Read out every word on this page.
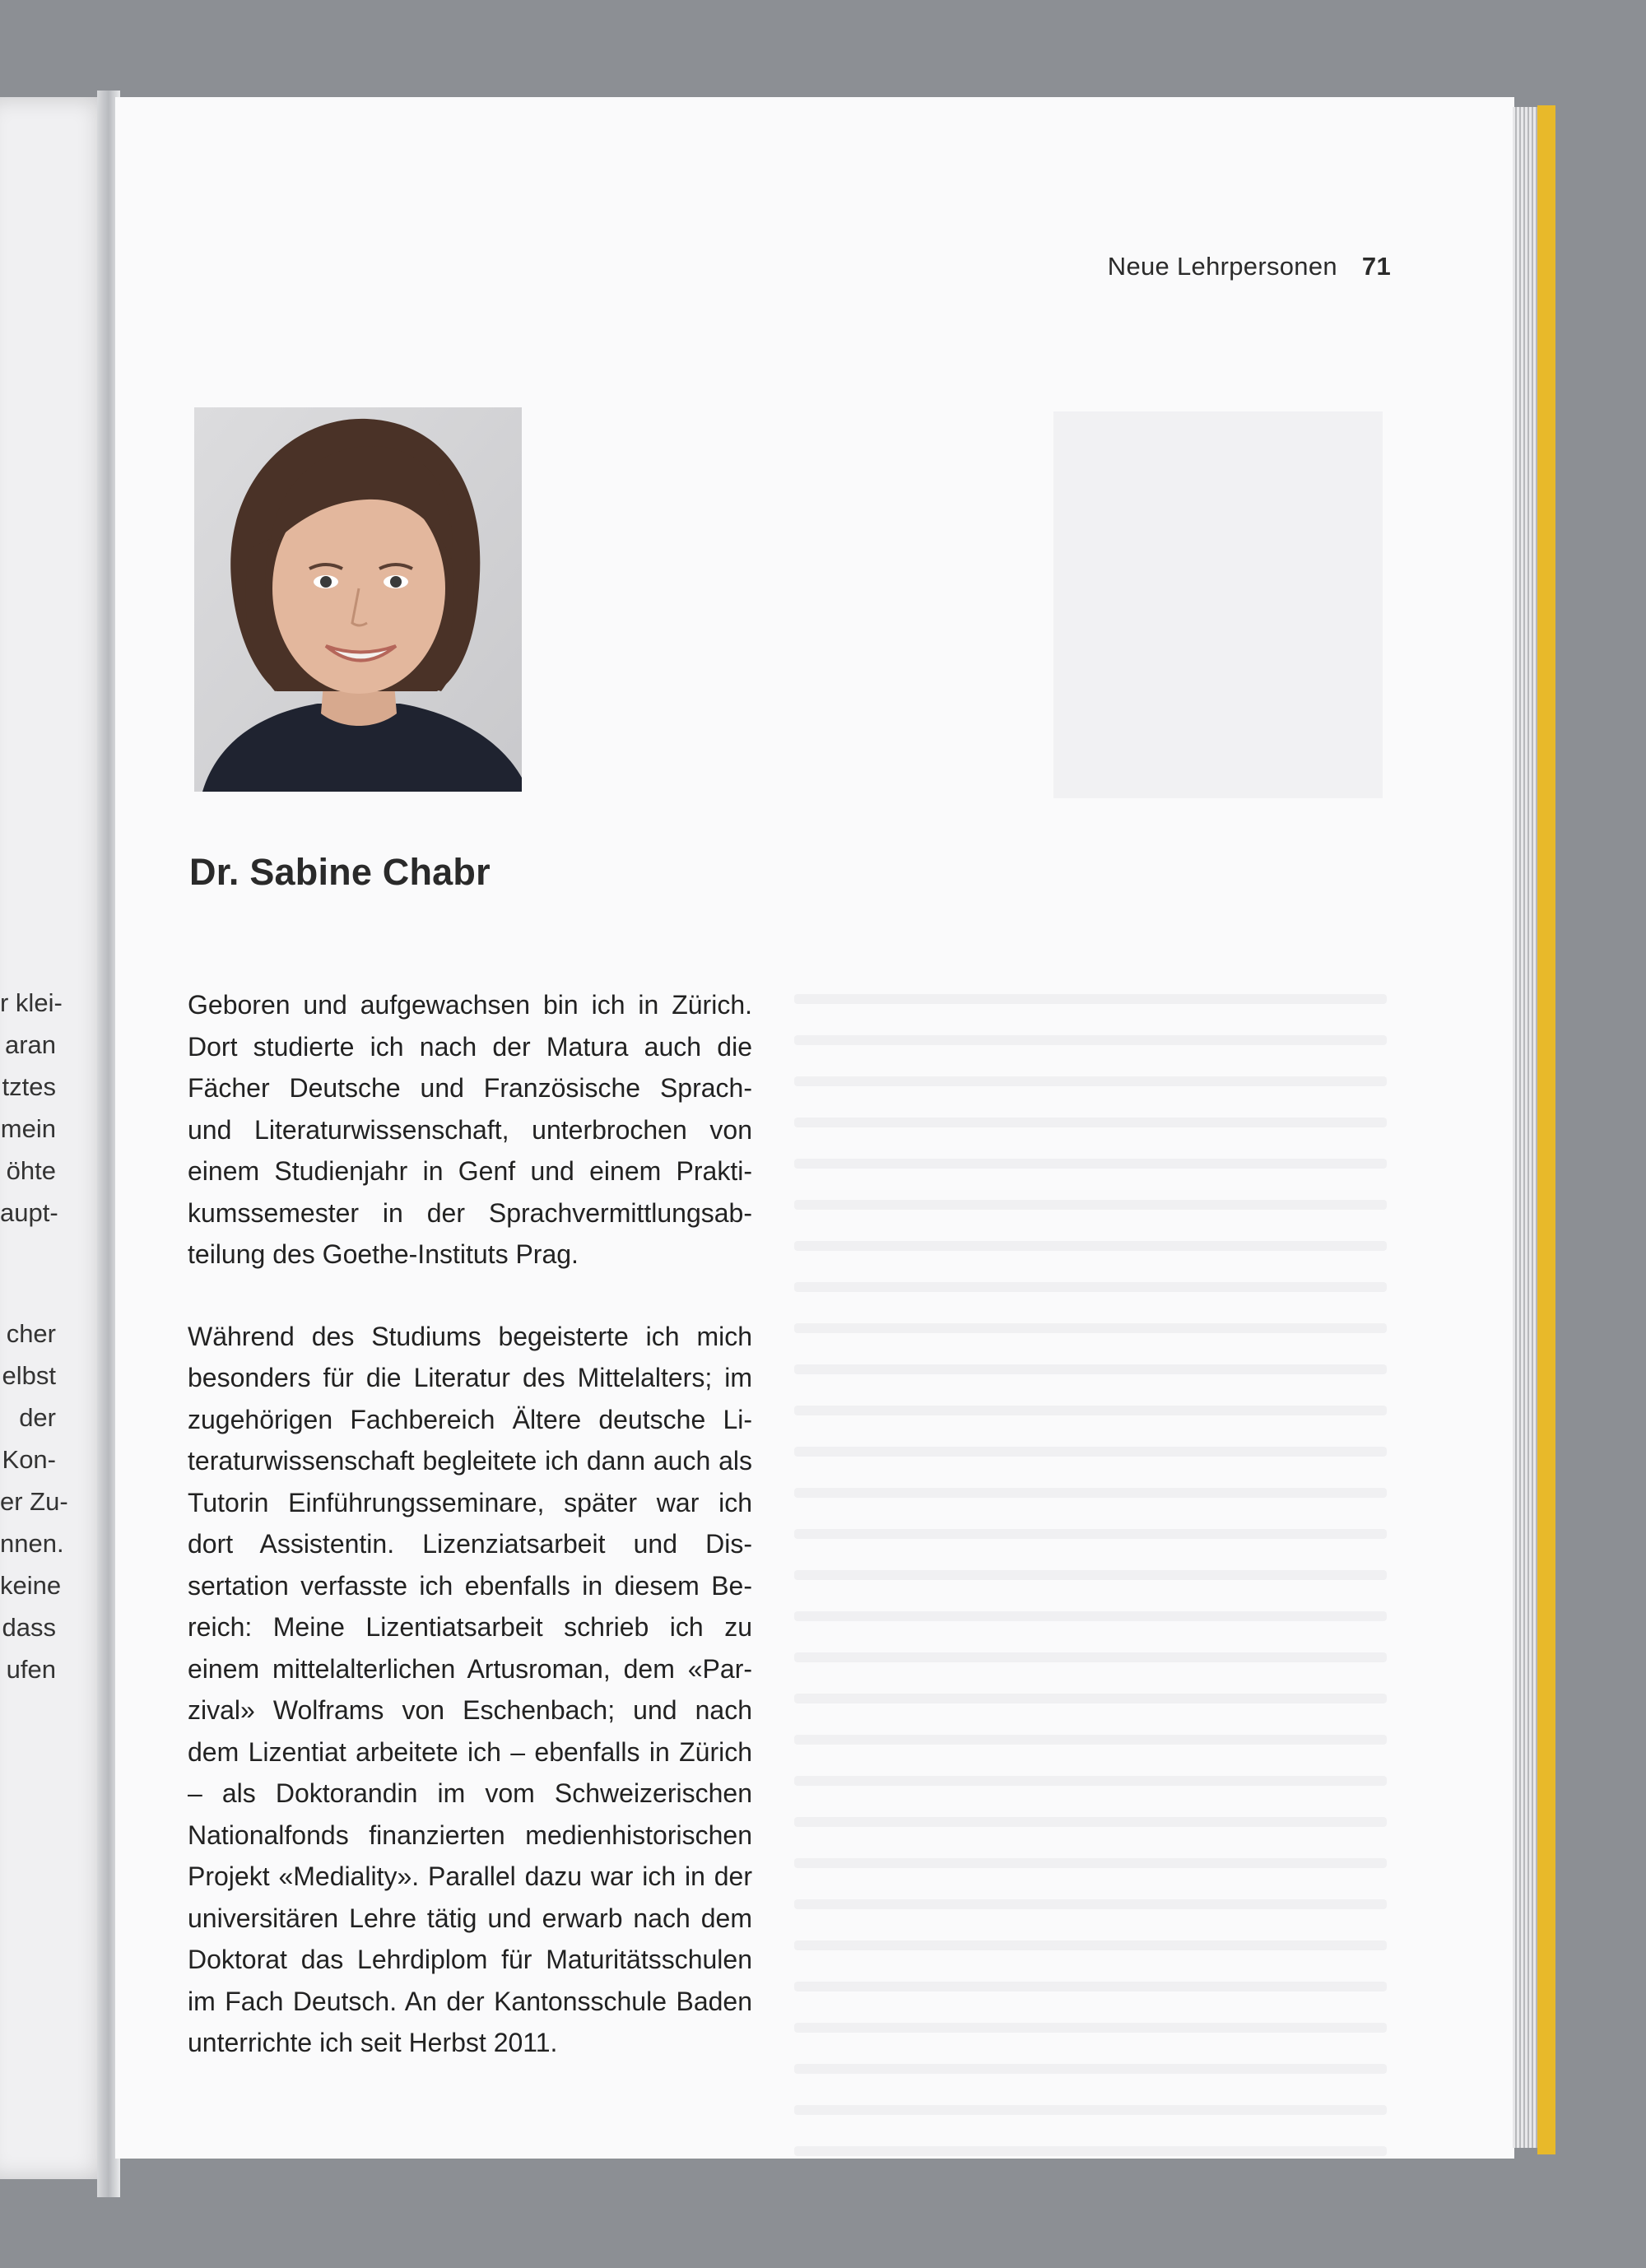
r klei-
aran
tztes
mein
öhte
aupt-
cher
elbst
der
Kon-
er Zu-
nnen.
keine
dass
ufen
Neue Lehrpersonen 71
Dr. Sabine Chabr

Geboren und aufgewachsen bin ich in Zürich. Dort studierte ich nach der Matura auch die Fächer Deutsche und Französische Sprach- und Literaturwissenschaft, unterbrochen von einem Studienjahr in Genf und einem Praktikumssemester in der Sprachvermittlungsabteilung des Goethe-Instituts Prag.

Während des Studiums begeisterte ich mich besonders für die Literatur des Mittelalters; im zugehörigen Fachbereich Ältere deutsche Literaturwissenschaft begleitete ich dann auch als Tutorin Einführungsseminare, später war ich dort Assistentin. Lizenziatsarbeit und Dissertation verfasste ich ebenfalls in diesem Bereich: Meine Lizentiatsarbeit schrieb ich zu einem mittelalterlichen Artusroman, dem «Parzival» Wolframs von Eschenbach; und nach dem Lizentiat arbeitete ich – ebenfalls in Zürich – als Doktorandin im vom Schweizerischen Nationalfonds finanzierten medienhistorischen Projekt «Mediality». Parallel dazu war ich in der universitären Lehre tätig und erwarb nach dem Doktorat das Lehrdiplom für Maturitätsschulen im Fach Deutsch. An der Kantonsschule Baden unterrichte ich seit Herbst 2011.
